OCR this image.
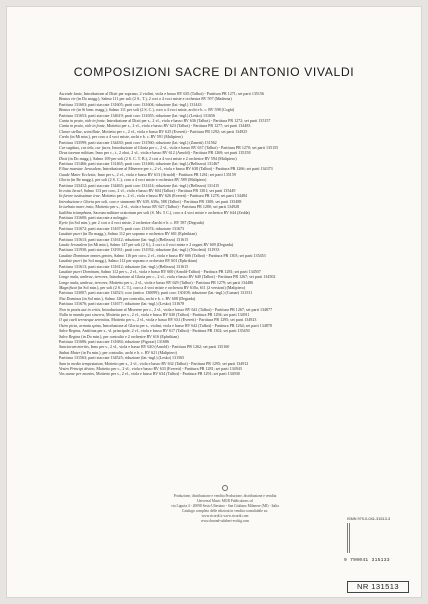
COMPOSIZIONI SACRE DI ANTONIO VIVALDI
Ascende laeta, Introduzione al Dixit per soprano, 2 violini, viola e basso RV 635 (Talbot) - Partitura PR 1271; set parti 135156
Beatus vir (in Do magg.), Salmo 111 per soli (2 S., T.), 2 cori a 4 voci miste e orchestra RV 597 (Maderna)
Partitura 131603; parti staccate 131605; parti coro 131604; riduzione (lat.-ingl.) 131443
Beatus vir (in Si bem. magg.), Salmo 111 per soli (2 S. C.), coro a 4 voci miste, archi e b. c. RV 598 (Coghi)
Partitura 131653; parti staccate 134619; parti coro 131655; riduzione (lat.-ingl.) (Lesko) 131656
Canta in prato, ride in fonte, Introduzione al Dixit per s., 2 vl., viola e basso RV 636 (Talbot) - Partitura PR 1272; set parti 135157
Canta in prato, ride in fonte, Mottetto per s., 2 vl., viola e basso RV 623 (Talbot) - Partitura PR 1277; set parti 134483
Clarae stellae, scintillate, Mottetto per c., 2 vl., viola e basso RV 625 (Everett) - Partitura PR 1292; set parti 134925
Credo (in Mi min.), per coro a 4 voci miste, archi e b. c. RV 591 (Malipiero)
Partitura 133599; parti staccate 134430; parti coro 131560; riduzione (lat.-ingl.) (Zanetti) 131562
Cur sagittas, cur tela, cur faces, Introduzione al Gloria per c., 2 vl., viola e basso RV 637 (Talbot) - Partitura PR 1270; set parti 135155
Deus tuorum militum, Inno per c., t., 2 oboi, 2 vl., viola e basso RV 612 (Arnold) - Partitura PR 1269; set parti 135158
Dixit (in Do magg.), Salmo 109 per soli (2 S. C. T. B.), 2 cori a 4 voci miste e 2 orchestre RV 594 (Malipiero)
Partitura 131466; parti staccate 131465; parti coro 131466; riduzione (lat.-ingl.) (Bellezza) 131467
Filiae maestae Jerusalem, Introduzione al Miserere per c., 2 vl., viola e basso RV 638 (Talbot) - Partitura PR 1266; set parti 134373
Gaude Mater Ecclesia, Inno per s., 2 vl., viola e basso RV 613 (Arnold) - Partitura PR 1261; set parti 135159
Gloria (in Re magg.), per soli (2 S. C.), coro a 4 voci miste e orchestra RV 589 (Malipiero)
Partitura 133412; parti staccate 134465; parti coro 131414; riduzione (lat.-ingl.) (Bellezza) 131415
In exitu Israel, Salmo 113 per coro, 2 vl., viola e basso RV 604 (Talbot) - Partitura PR 1301; set parti 135449
In furore iustissimae irae, Mottetto per s., 2 vl., viola e basso RV 626 (Everett) - Partitura PR 1278; set parti 134484
Introduzione e Gloria per soli, coro e strumenti RV 639, 639a, 588 (Talbot) - Partitura PR 1300; set parti 135488
In turbato mare irato, Mottetto per s., 2 vl., viola e basso RV 627 (Talbot) - Partitura PR 1280; set parti 134928
Iudithia triumphans, Sacrum militare oratorium per soli (S. Ms. 5 C.), coro a 4 voci miste e orchestra RV 644 (Zedda)
Partitura 131600; parti staccate a noleggio
Kyrie (in Sol min.), per 2 cori a 4 voci miste, 2 orchestre d'archi e b. c. RV 587 (Degrada)
Partitura 131672; parti staccate 131675; parti coro 131674; riduzione 131673
Laudate pueri (in Do magg.), Salmo 112 per soprano e orchestra RV 601 (Ephrikian)
Partitura 131613; parti staccate 131612; riduzione (lat.-ingl.) (Bellezza) 131615
Lauda Jerusalem (in Mi min.), Salmo 147 per soli (2 S.), 2 cori a 4 voci miste e 2 organi RV 609 (Degrada)
Partitura 131930; parti staccate 131931; parti coro 131932; riduzione (lat.-ingl.) (Nicoletti) 131933
Laudate Dominum omnes gentes, Salmo 116 per coro, 2 vl., viola e basso RV 606 (Talbot) - Partitura PR 1303; set parti 135453
Laudate pueri (in Sol magg.), Salmo 112 per soprano e orchestra RV 601 (Ephrikian)
Partitura 131613; parti staccate 131612; riduzione (lat.-ingl.) (Bellezza) 131615
Laudate pueri Dominum, Salmo 112 per s., 2 vl., viola e basso RV 600 (Arnold-Talbot) - Partitura PR 1281; set parti 134507
Longe mala, umbrae, terrores, Introduzione al Gloria per c., 2 vl., viola e basso RV 640 (Talbot) - Partitura PR 1267; set parti 134502
Longe mala, umbrae, terrores, Mottetto per s., 2 vl., viola e basso RV 629 (Talbot) - Partitura PR 1279; set parti 134486
Magnificat (in Sol min.), per soli (2 S. C. T.), coro a 4 voci miste e orchestra RV 610a, 611 (2 versioni) (Malipiero)
Partitura 133007; parti staccate 134523; coro (antico 130099); parti coro 130108; riduzione (lat.-ingl.) (Cumar) 131531
Nisi Dominus (in Sol min.), Salmo 126 per contralto, archi e b. c. RV 608 (Degrada)
Partitura 131676; parti staccate 131677; riduzione (lat.-ingl.) (Lesko) 131678
Non in pratis aut in critis, Introduzione al Miserere per c., 2 vl., viola e basso RV 641 (Talbot) - Partitura PR 1267; set parti 134877
Nulla in mundo pax sincera, Mottetto per s., 2 vl., viola e basso RV 630 (Talbot) - Partitura PR 1294; set parti 134911
O qui caeli terraeque serenitas, Mottetto per s., 2 vl., viola e basso RV 631 (Everett) - Partitura PR 1295; set parti 134923
Ostro picta, armata spina, Introduzione al Gloria per s., violini, viola e basso RV 642 (Talbot) - Partitura PR 1264; set parti 134878
Salve Regina, Antifona per s., vl. principale, 2 vl., viola e basso RV 617 (Talbot) - Partitura PR 1302; set parti 135450
Salve Regina (in Do min.), per contralto e 2 orchestre RV 616 (Ephrikian)
Partitura 131686; parti staccate 131684; riduzione (Pigozzi) 131686
Sanctorum meritis, Inno per s., 2 vl., viola e basso RV 620 (Arnold) - Partitura PR 1262; set parti 135160
Stabat Mater (in Fa min.), per contralto, archi e b. c. RV 621 (Malipiero)
Partitura 131563; parti staccate 134525; riduzione (lat.-ingl.) (Lesko) 131565
Sum in medio tempestatum, Mottetto per s., 2 vl., viola e basso RV 632 (Talbot) - Partitura PR 1295; set parti 134912
Vestro Principi divino, Mottetto per c., 2 vl., viola e basso RV 633 (Everett) - Partitura PR 1281; set parti 134943
Vos aurae per montes, Mottetto per s., 2 vl., viola e basso RV 634 (Talbot) - Partitura PR 1291; set parti 134930
Produzione, distribuzione e vendita Produzione, distribuzione e vendita
Universal Music MGB Publications srl
via Liguria 4 - 20098 Sesto Ulteriano - San Giuliano Milanese (MI) - Italia
Catalogo completo delle edizioni in vendita consultabile su:
www.ricordi.it www.ricordi.com
www.durand-salabert-eschig.com	ISMN 979-0-041-31513-3
9 790041 315133
NR 131513
